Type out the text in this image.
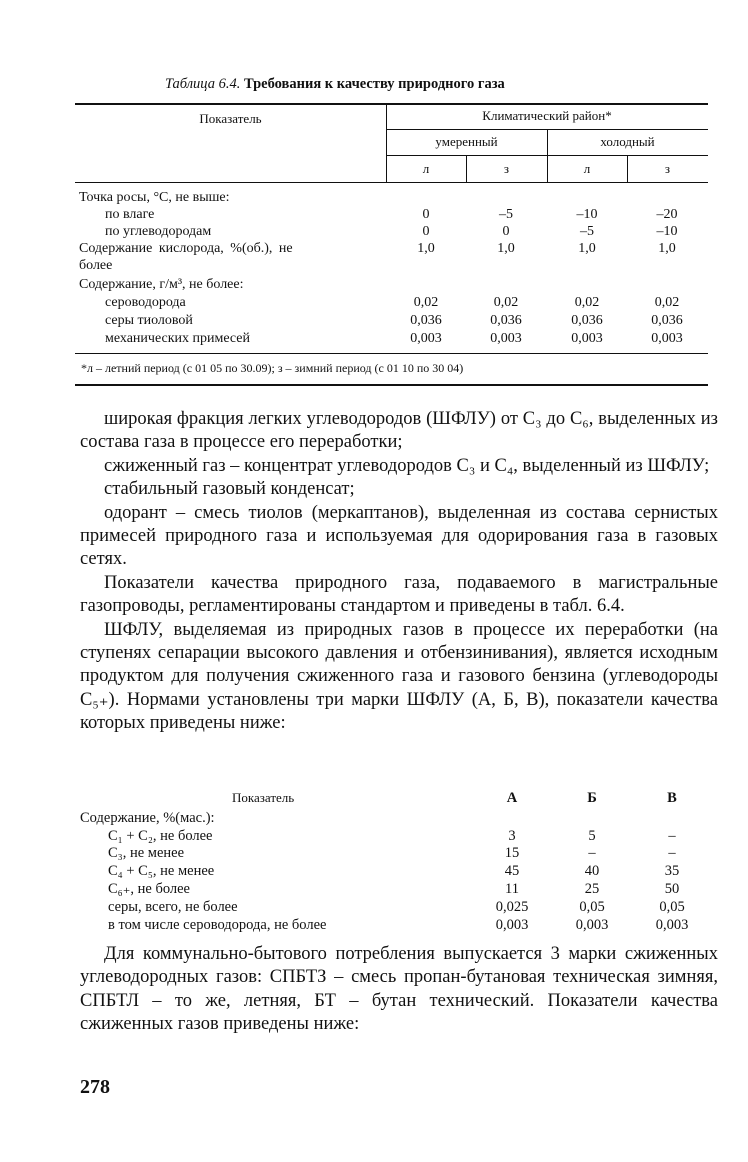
Таблица 6.4. Требования к качеству природного газа
Климатический район*
Показатель
умеренный	холодный
л	з	л	з
Точка росы, °С, не выше:
по влаге	0	–5	–10	–20
по углеводородам	0	0	–5	–10
Содержание кислорода, %(об.), не	1,0	1,0	1,0	1,0
более
Содержание, г/м³, не более:
сероводорода	0,02	0,02	0,02	0,02
серы тиоловой	0,036	0,036	0,036	0,036
механических примесей	0,003	0,003	0,003	0,003
*л – летний период (с 01 05 по 30.09); з – зимний период (с 01 10 по 30 04)

широкая фракция легких углеводородов (ШФЛУ) от C₃ до C₆, выделенных из состава газа в процессе его переработки;

сжиженный газ – концентрат углеводородов C₃ и C₄, выделенный из ШФЛУ;

стабильный газовый конденсат;

одорант – смесь тиолов (меркаптанов), выделенная из состава сернистых примесей природного газа и используемая для одорирования газа в газовых сетях.

Показатели качества природного газа, подаваемого в магистральные газопроводы, регламентированы стандартом и приведены в табл. 6.4.

ШФЛУ, выделяемая из природных газов в процессе их переработки (на ступенях сепарации высокого давления и отбензинивания), является исходным продуктом для получения сжиженного газа и газового бензина (углеводороды C₅₊). Нормами установлены три марки ШФЛУ (А, Б, В), показатели качества которых приведены ниже:

Показатель	А	Б	В
Содержание, %(мас.):
C₁ + C₂, не более	3	5	–
C₃, не менее	15	–	–
C₄ + C₅, не менее	45	40	35
C₆₊, не более	11	25	50
серы, всего, не более	0,025	0,05	0,05
в том числе сероводорода, не более	0,003	0,003	0,003

Для коммунально-бытового потребления выпускается 3 марки сжиженных углеводородных газов: СПБТЗ – смесь пропан-бутановая техническая зимняя, СПБТЛ – то же, летняя, БТ – бутан технический. Показатели качества сжиженных газов приведены ниже:

278
